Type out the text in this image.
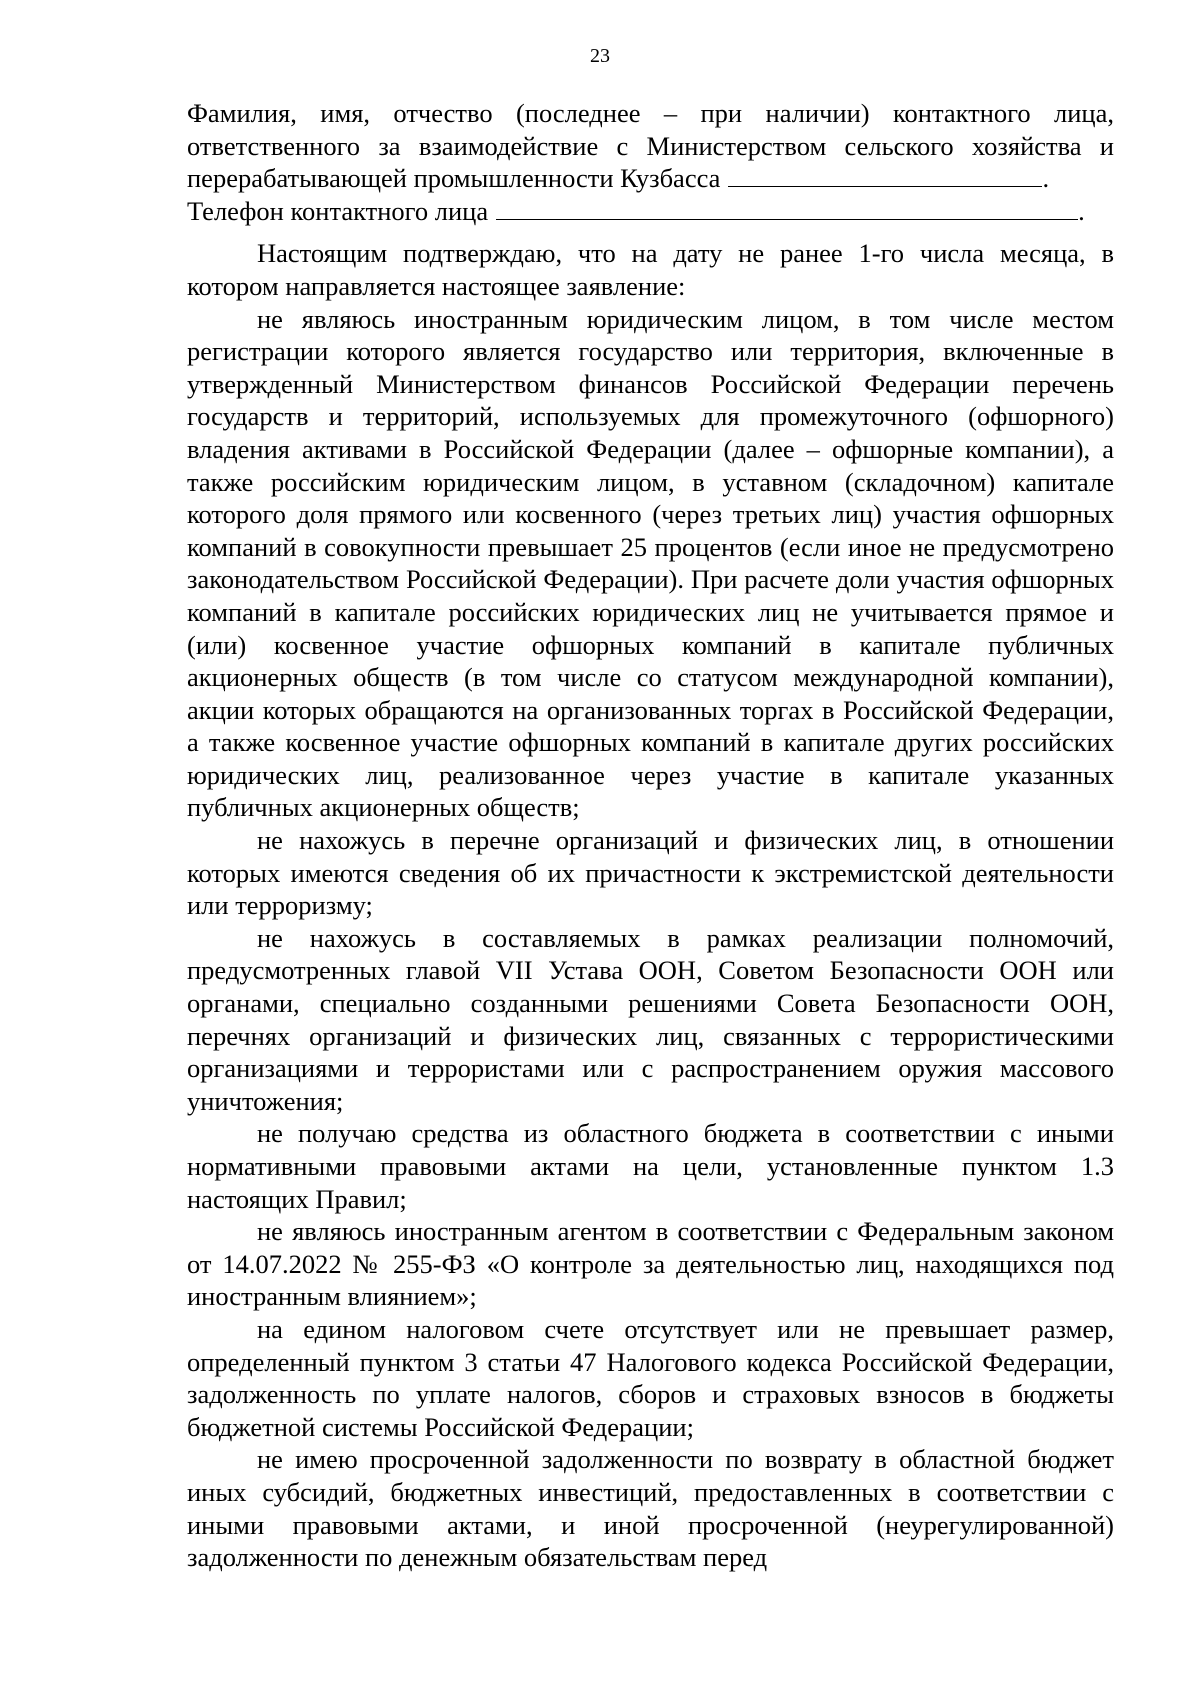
23

Фамилия, имя, отчество (последнее – при наличии) контактного лица, ответственного за взаимодействие с Министерством сельского хозяйства и перерабатывающей промышленности Кузбасса	.

Телефон контактного лица	.

Настоящим подтверждаю, что на дату не ранее 1-го числа месяца, в котором направляется настоящее заявление:

не являюсь иностранным юридическим лицом, в том числе местом регистрации которого является государство или территория, включенные в утвержденный Министерством финансов Российской Федерации перечень государств и территорий, используемых для промежуточного (офшорного) владения активами в Российской Федерации (далее – офшорные компании), а также российским юридическим лицом, в уставном (складочном) капитале которого доля прямого или косвенного (через третьих лиц) участия офшорных компаний в совокупности превышает 25 процентов (если иное не предусмотрено законодательством Российской Федерации). При расчете доли участия офшорных компаний в капитале российских юридических лиц не учитывается прямое и (или) косвенное участие офшорных компаний в капитале публичных акционерных обществ (в том числе со статусом международной компании), акции которых обращаются на организованных торгах в Российской Федерации, а также косвенное участие офшорных компаний в капитале других российских юридических лиц, реализованное через участие в капитале указанных публичных акционерных обществ;

не нахожусь в перечне организаций и физических лиц, в отношении которых имеются сведения об их причастности к экстремистской деятельности или терроризму;

не нахожусь в составляемых в рамках реализации полномочий, предусмотренных главой VII Устава ООН, Советом Безопасности ООН или органами, специально созданными решениями Совета Безопасности ООН, перечнях организаций и физических лиц, связанных с террористическими организациями и террористами или с распространением оружия массового уничтожения;

не получаю средства из областного бюджета в соответствии с иными нормативными правовыми актами на цели, установленные пунктом 1.3 настоящих Правил;

не являюсь иностранным агентом в соответствии с Федеральным законом от 14.07.2022 № 255-ФЗ «О контроле за деятельностью лиц, находящихся под иностранным влиянием»;

на едином налоговом счете отсутствует или не превышает размер, определенный пунктом 3 статьи 47 Налогового кодекса Российской Федерации, задолженность по уплате налогов, сборов и страховых взносов в бюджеты бюджетной системы Российской Федерации;

не имею просроченной задолженности по возврату в областной бюджет иных субсидий, бюджетных инвестиций, предоставленных в соответствии с иными правовыми актами, и иной просроченной (неурегулированной) задолженности по денежным обязательствам перед
